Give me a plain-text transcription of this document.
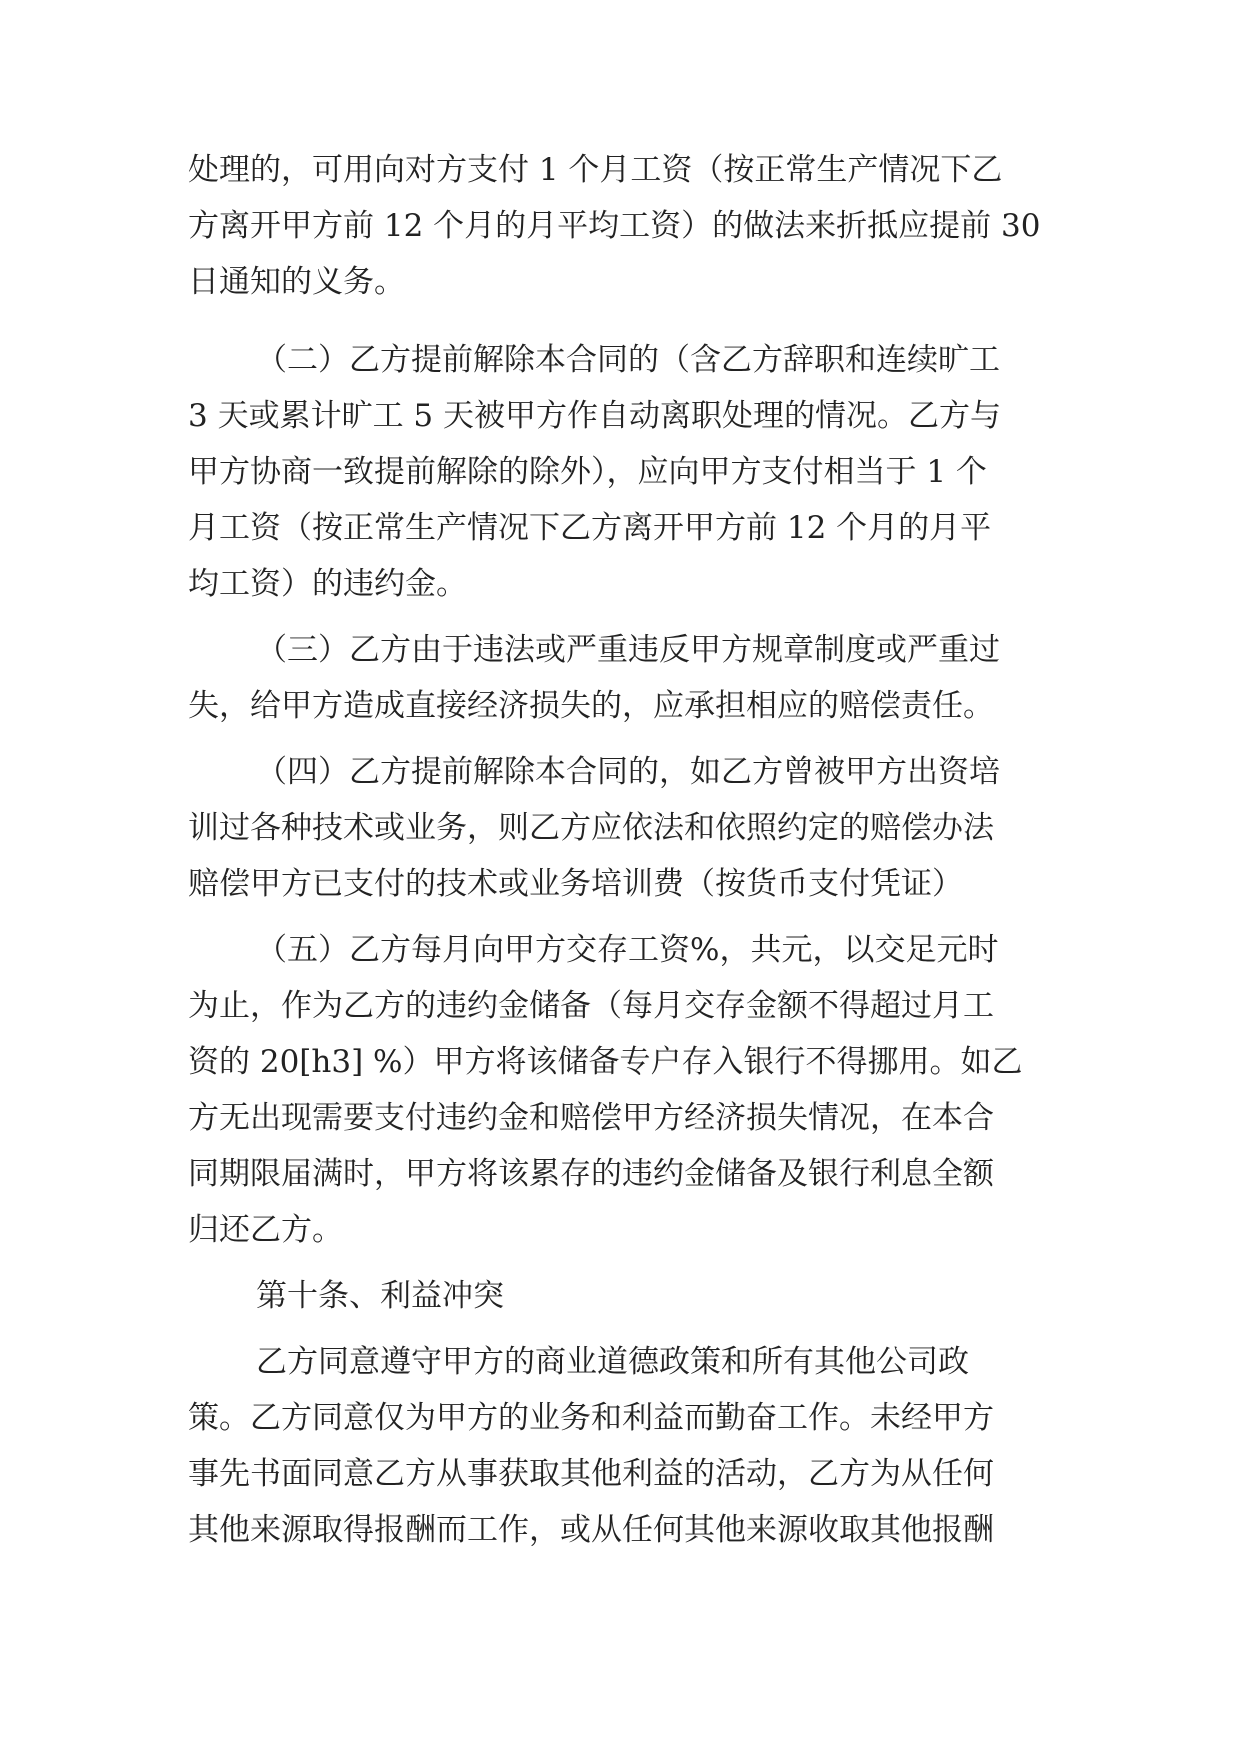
处理的，可用向对方支付 1 个月工资（按正常生产情况下乙

方离开甲方前 12 个月的月平均工资）的做法来折抵应提前 30

日通知的义务。

（二）乙方提前解除本合同的（含乙方辞职和连续旷工

3 天或累计旷工 5 天被甲方作自动离职处理的情况。乙方与

甲方协商一致提前解除的除外），应向甲方支付相当于 1 个

月工资（按正常生产情况下乙方离开甲方前 12 个月的月平

均工资）的违约金。

（三）乙方由于违法或严重违反甲方规章制度或严重过

失，给甲方造成直接经济损失的，应承担相应的赔偿责任。

（四）乙方提前解除本合同的，如乙方曾被甲方出资培

训过各种技术或业务，则乙方应依法和依照约定的赔偿办法

赔偿甲方已支付的技术或业务培训费（按货币支付凭证）

（五）乙方每月向甲方交存工资%，共元，以交足元时

为止，作为乙方的违约金储备（每月交存金额不得超过月工

资的 20[h3] %）甲方将该储备专户存入银行不得挪用。如乙

方无出现需要支付违约金和赔偿甲方经济损失情况，在本合

同期限届满时，甲方将该累存的违约金储备及银行利息全额

归还乙方。

第十条、利益冲突

乙方同意遵守甲方的商业道德政策和所有其他公司政

策。乙方同意仅为甲方的业务和利益而勤奋工作。未经甲方

事先书面同意乙方从事获取其他利益的活动，乙方为从任何

其他来源取得报酬而工作，或从任何其他来源收取其他报酬
